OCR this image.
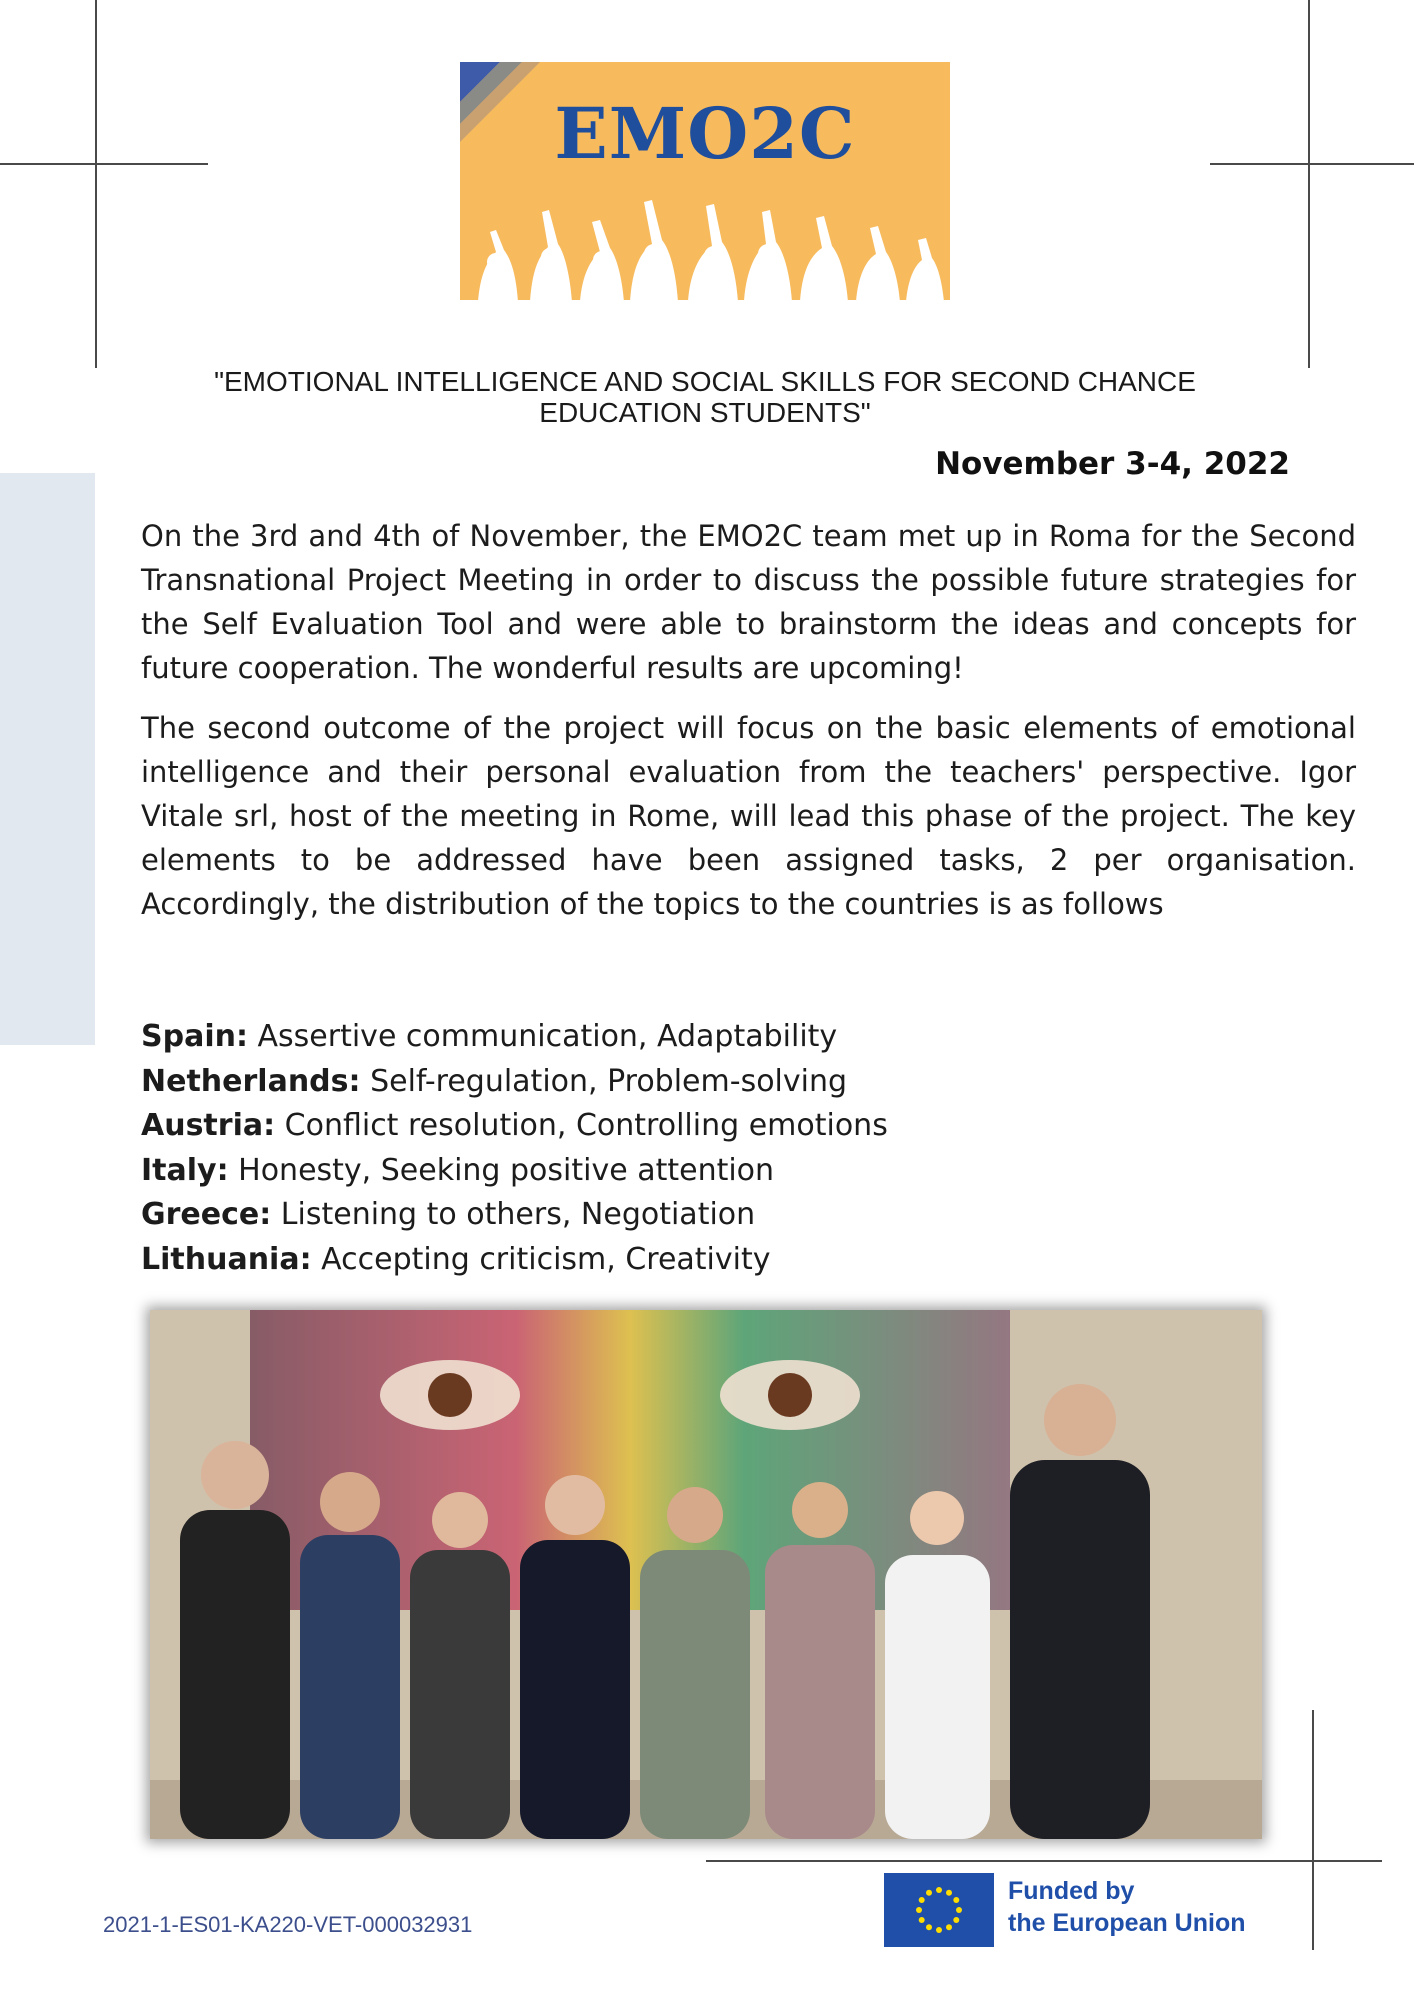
EMO2C
"EMOTIONAL INTELLIGENCE AND SOCIAL SKILLS FOR SECOND CHANCE EDUCATION STUDENTS"
November 3-4, 2022
On the 3rd and 4th of November, the EMO2C team met up in Roma for the Second Transnational Project Meeting in order to discuss the possible future strategies for the Self Evaluation Tool and were able to brainstorm the ideas and concepts for future cooperation. The wonderful results are upcoming!
The second outcome of the project will focus on the basic elements of emotional intelligence and their personal evaluation from the teachers' perspective. Igor Vitale srl, host of the meeting in Rome, will lead this phase of the project. The key elements to be addressed have been assigned tasks, 2 per organisation. Accordingly, the distribution of the topics to the countries is as follows
Spain: Assertive communication, Adaptability
Netherlands: Self-regulation, Problem-solving
Austria: Conflict resolution, Controlling emotions
Italy: Honesty, Seeking positive attention
Greece: Listening to others, Negotiation
Lithuania: Accepting criticism, Creativity
2021-1-ES01-KA220-VET-000032931
Funded by
the European Union
